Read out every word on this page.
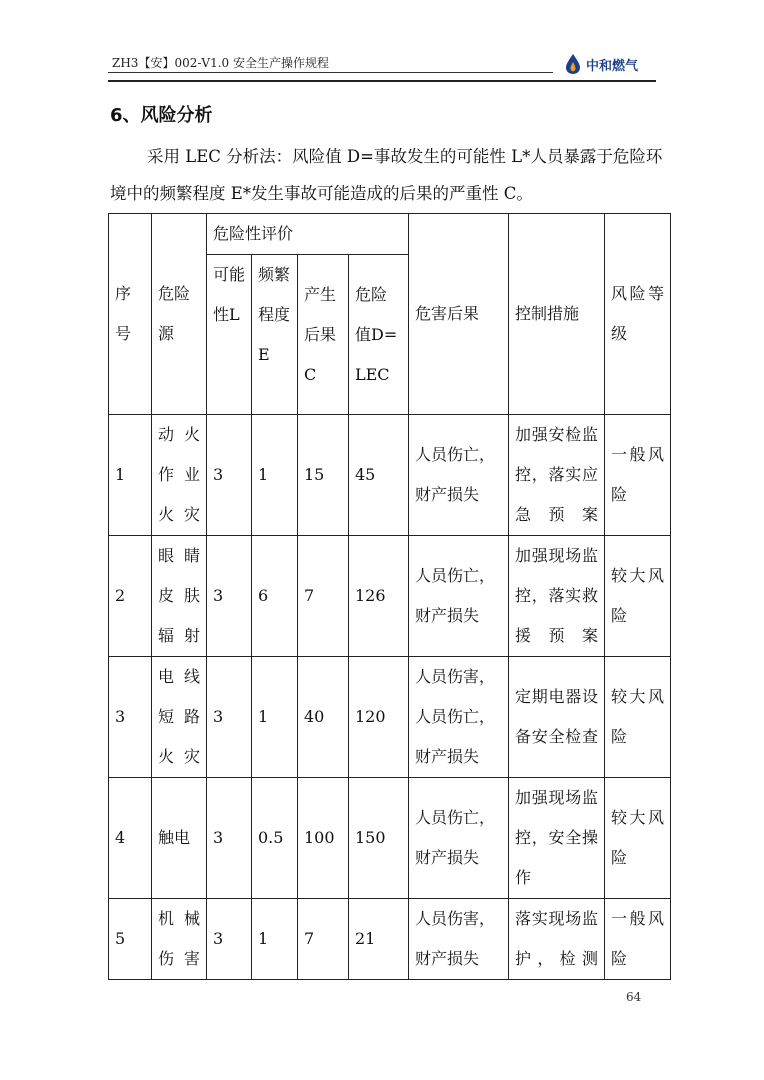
ZH3【安】002-V1.0 安全生产操作规程	中和燃气
6、风险分析
采用 LEC 分析法：风险值 D=事故发生的可能性 L*人员暴露于危险环境中的频繁程度 E*发生事故可能造成的后果的严重性 C。
序号	危险源	危险性评价				危害后果	控制措施	风险等级
		可能性L	频繁程度E	产生后果C	危险值D=LEC			
1	动火作业火灾	3	1	15	45	人员伤亡，财产损失	加强安检监控，落实应急预案	一般风险
2	眼睛皮肤辐射	3	6	7	126	人员伤亡，财产损失	加强现场监控，落实救援预案	较大风险
3	电线短路火灾	3	1	40	120	人员伤害，人员伤亡，财产损失	定期电器设备安全检查	较大风险
4	触电	3	0.5	100	150	人员伤亡，财产损失	加强现场监控，安全操作	较大风险
5	机械伤害	3	1	7	21	人员伤害，财产损失	落实现场监护，检测	一般风险
64
